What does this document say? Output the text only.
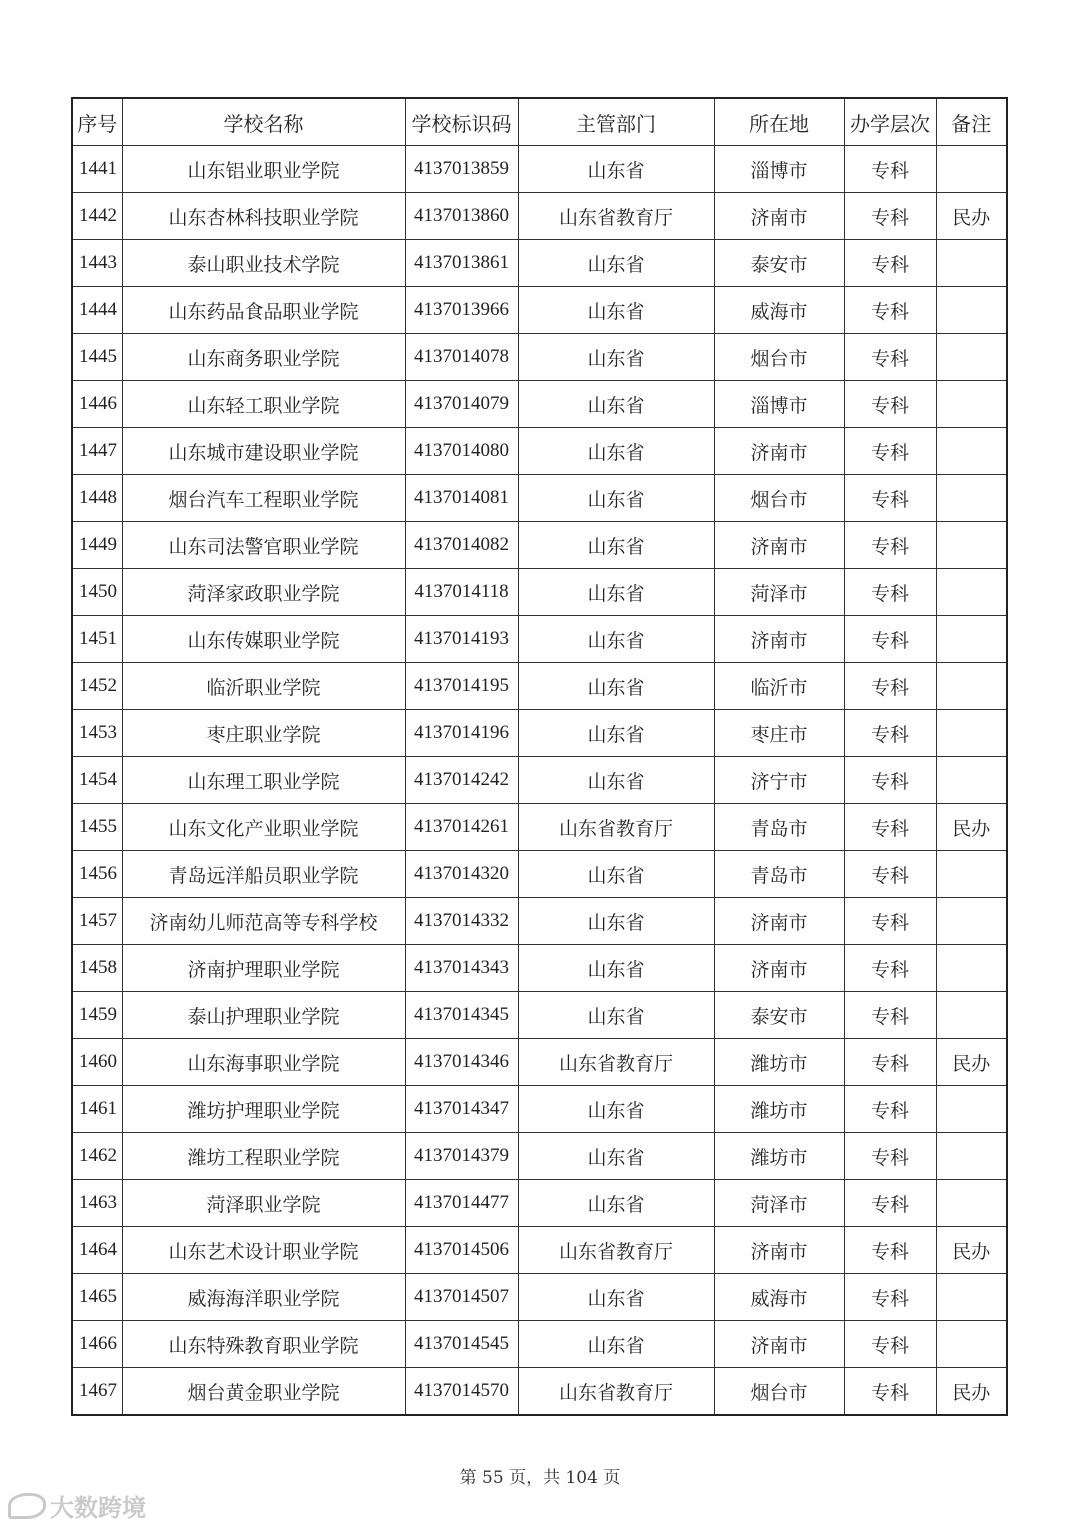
序号	学校名称	学校标识码	主管部门	所在地	办学层次	备注
1441	山东铝业职业学院	4137013859	山东省	淄博市	专科	
1442	山东杏林科技职业学院	4137013860	山东省教育厅	济南市	专科	民办
1443	泰山职业技术学院	4137013861	山东省	泰安市	专科	
1444	山东药品食品职业学院	4137013966	山东省	威海市	专科	
1445	山东商务职业学院	4137014078	山东省	烟台市	专科	
1446	山东轻工职业学院	4137014079	山东省	淄博市	专科	
1447	山东城市建设职业学院	4137014080	山东省	济南市	专科	
1448	烟台汽车工程职业学院	4137014081	山东省	烟台市	专科	
1449	山东司法警官职业学院	4137014082	山东省	济南市	专科	
1450	菏泽家政职业学院	4137014118	山东省	菏泽市	专科	
1451	山东传媒职业学院	4137014193	山东省	济南市	专科	
1452	临沂职业学院	4137014195	山东省	临沂市	专科	
1453	枣庄职业学院	4137014196	山东省	枣庄市	专科	
1454	山东理工职业学院	4137014242	山东省	济宁市	专科	
1455	山东文化产业职业学院	4137014261	山东省教育厅	青岛市	专科	民办
1456	青岛远洋船员职业学院	4137014320	山东省	青岛市	专科	
1457	济南幼儿师范高等专科学校	4137014332	山东省	济南市	专科	
1458	济南护理职业学院	4137014343	山东省	济南市	专科	
1459	泰山护理职业学院	4137014345	山东省	泰安市	专科	
1460	山东海事职业学院	4137014346	山东省教育厅	潍坊市	专科	民办
1461	潍坊护理职业学院	4137014347	山东省	潍坊市	专科	
1462	潍坊工程职业学院	4137014379	山东省	潍坊市	专科	
1463	菏泽职业学院	4137014477	山东省	菏泽市	专科	
1464	山东艺术设计职业学院	4137014506	山东省教育厅	济南市	专科	民办
1465	威海海洋职业学院	4137014507	山东省	威海市	专科	
1466	山东特殊教育职业学院	4137014545	山东省	济南市	专科	
1467	烟台黄金职业学院	4137014570	山东省教育厅	烟台市	专科	民办
第 55 页，共 104 页
大数跨境
